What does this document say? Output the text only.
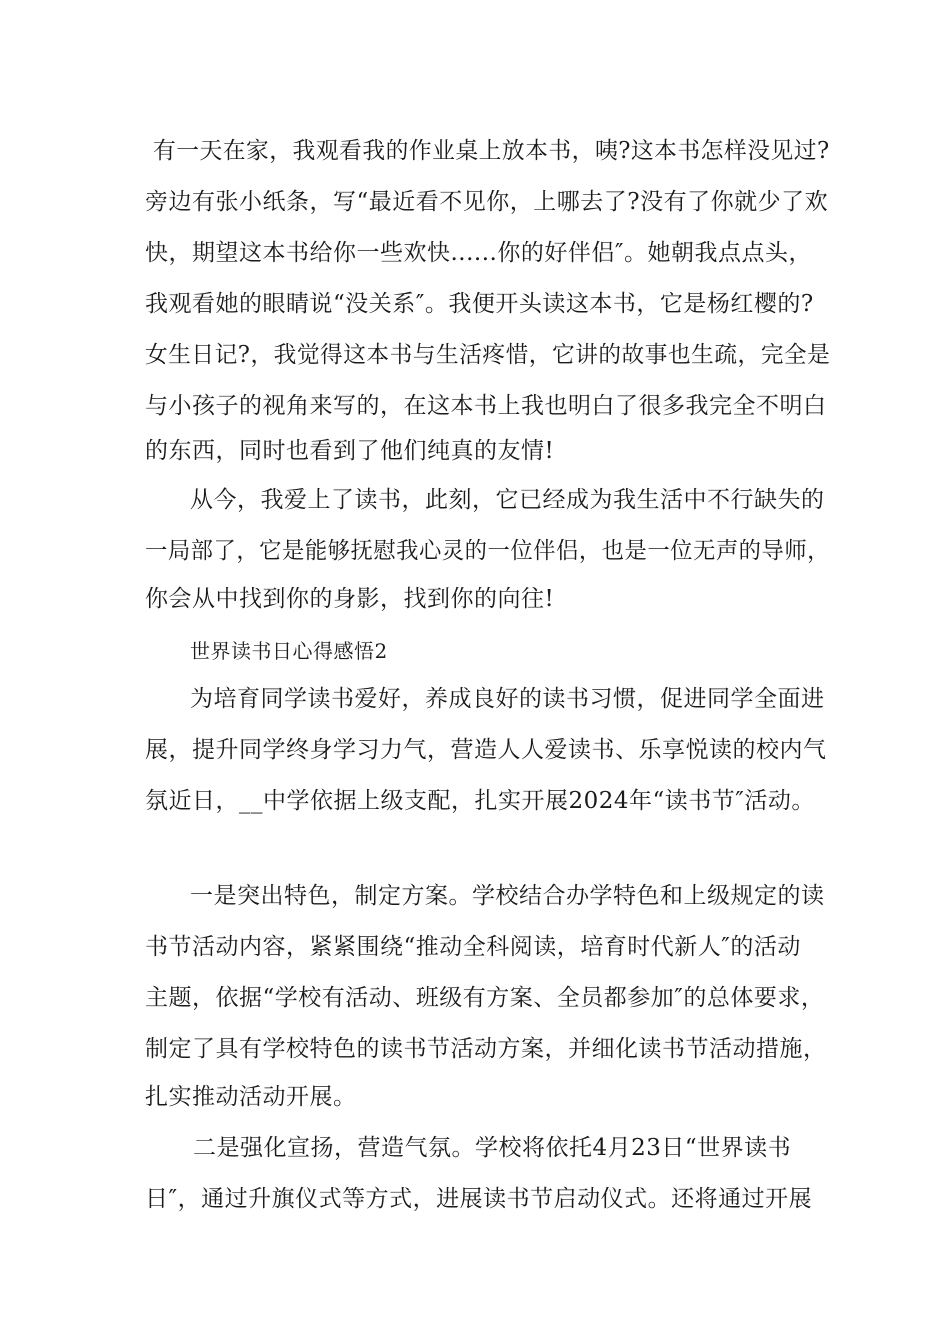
有一天在家，我观看我的作业桌上放本书，咦?这本书怎样没见过?
旁边有张小纸条，写“最近看不见你，上哪去了?没有了你就少了欢
快，期望这本书给你一些欢快......你的好伴侣″。她朝我点点头，
我观看她的眼睛说“没关系″。我便开头读这本书，它是杨红樱的?
女生日记?，我觉得这本书与生活疼惜，它讲的故事也生疏，完全是
与小孩子的视角来写的，在这本书上我也明白了很多我完全不明白
的东西，同时也看到了他们纯真的友情!
从今，我爱上了读书，此刻，它已经成为我生活中不行缺失的
一局部了，它是能够抚慰我心灵的一位伴侣，也是一位无声的导师，
你会从中找到你的身影，找到你的向往!
世界读书日心得感悟2
为培育同学读书爱好，养成良好的读书习惯，促进同学全面进
展，提升同学终身学习力气，营造人人爱读书、乐享悦读的校内气
氛近日，__中学依据上级支配，扎实开展2024年“读书节″活动。
一是突出特色，制定方案。学校结合办学特色和上级规定的读
书节活动内容，紧紧围绕“推动全科阅读，培育时代新人″的活动
主题，依据“学校有活动、班级有方案、全员都参加″的总体要求，
制定了具有学校特色的读书节活动方案，并细化读书节活动措施，
扎实推动活动开展。
二是强化宣扬，营造气氛。学校将依托4月23日“世界读书
日″，通过升旗仪式等方式，进展读书节启动仪式。还将通过开展
